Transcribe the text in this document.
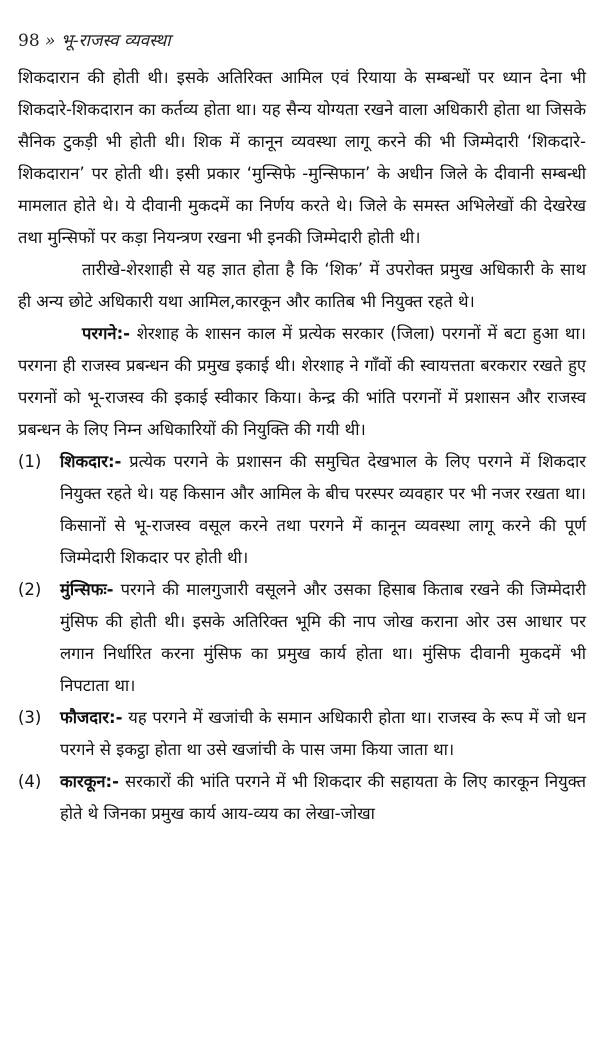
98 » भू-राजस्व व्यवस्था

शिकदारान की होती थी। इसके अतिरिक्त आमिल एवं रियाया के सम्बन्धों पर ध्यान देना भी शिकदारे-शिकदारान का कर्तव्य होता था। यह सैन्य योग्यता रखने वाला अधिकारी होता था जिसके सैनिक टुकड़ी भी होती थी। शिक में कानून व्यवस्था लागू करने की भी जिम्मेदारी ‘शिकदारे-शिकदारान’ पर होती थी। इसी प्रकार ‘मुन्सिफे -मुन्सिफान’ के अधीन जिले के दीवानी सम्बन्धी मामलात होते थे। ये दीवानी मुकदमें का निर्णय करते थे। जिले के समस्त अभिलेखों की देखरेख तथा मुन्सिफों पर कड़ा नियन्त्रण रखना भी इनकी जिम्मेदारी होती थी।

तारीखे-शेरशाही से यह ज्ञात होता है कि ‘शिक’ में उपरोक्त प्रमुख अधिकारी के साथ ही अन्य छोटे अधिकारी यथा आमिल,कारकून और कातिब भी नियुक्त रहते थे।

परगने:- शेरशाह के शासन काल में प्रत्येक सरकार (जिला) परगनों में बटा हुआ था। परगना ही राजस्व प्रबन्धन की प्रमुख इकाई थी। शेरशाह ने गाँवों की स्वायत्तता बरकरार रखते हुए परगनों को भू-राजस्व की इकाई स्वीकार किया। केन्द्र की भांति परगनों में प्रशासन और राजस्व प्रबन्धन के लिए निम्न अधिकारियों की नियुक्ति की गयी थी।

(1) शिकदार:- प्रत्येक परगने के प्रशासन की समुचित देखभाल के लिए परगने में शिकदार नियुक्त रहते थे। यह किसान और आमिल के बीच परस्पर व्यवहार पर भी नजर रखता था। किसानों से भू-राजस्व वसूल करने तथा परगने में कानून व्यवस्था लागू करने की पूर्ण जिम्मेदारी शिकदार पर होती थी।

(2) मुंन्सिफः- परगने की मालगुजारी वसूलने और उसका हिसाब किताब रखने की जिम्मेदारी मुंसिफ की होती थी। इसके अतिरिक्त भूमि की नाप जोख कराना ओर उस आधार पर लगान निर्धारित करना मुंसिफ का प्रमुख कार्य होता था। मुंसिफ दीवानी मुकदमें भी निपटाता था।

(3) फौजदार:- यह परगने में खजांची के समान अधिकारी होता था। राजस्व के रूप में जो धन परगने से इकट्ठा होता था उसे खजांची के पास जमा किया जाता था।

(4) कारकून:- सरकारों की भांति परगने में भी शिकदार की सहायता के लिए कारकून नियुक्त होते थे जिनका प्रमुख कार्य आय-व्यय का लेखा-जोखा
